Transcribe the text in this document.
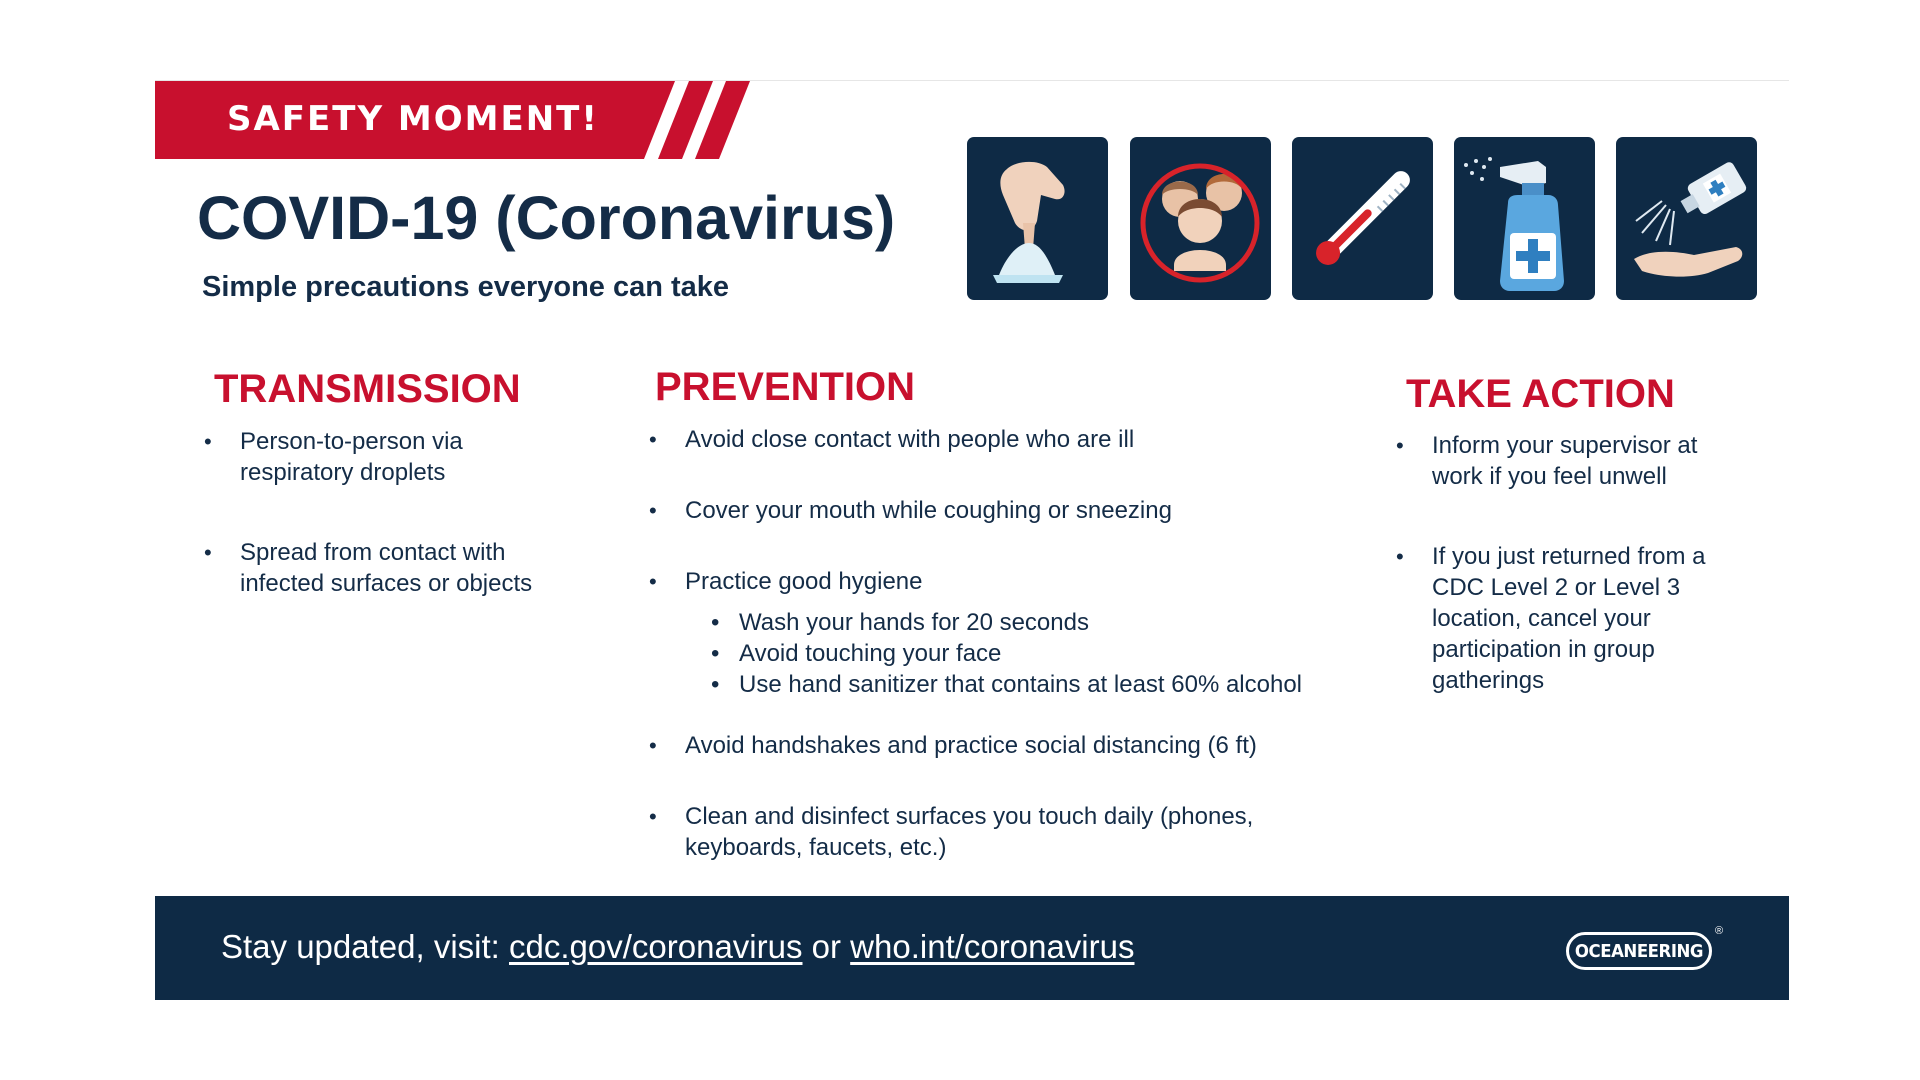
SAFETY MOMENT!
COVID-19 (Coronavirus)
Simple precautions everyone can take
TRANSMISSION
• Person-to-person via
respiratory droplets
• Spread from contact with
infected surfaces or objects
PREVENTION
• Avoid close contact with people who are ill
• Cover your mouth while coughing or sneezing
• Practice good hygiene
• Wash your hands for 20 seconds
• Avoid touching your face
• Use hand sanitizer that contains at least 60% alcohol
• Avoid handshakes and practice social distancing (6 ft)
• Clean and disinfect surfaces you touch daily (phones,
keyboards, faucets, etc.)
TAKE ACTION
• Inform your supervisor at
work if you feel unwell
• If you just returned from a
CDC Level 2 or Level 3
location, cancel your
participation in group
gatherings
Stay updated, visit: cdc.gov/coronavirus or who.int/coronavirus	OCEANEERING
®
